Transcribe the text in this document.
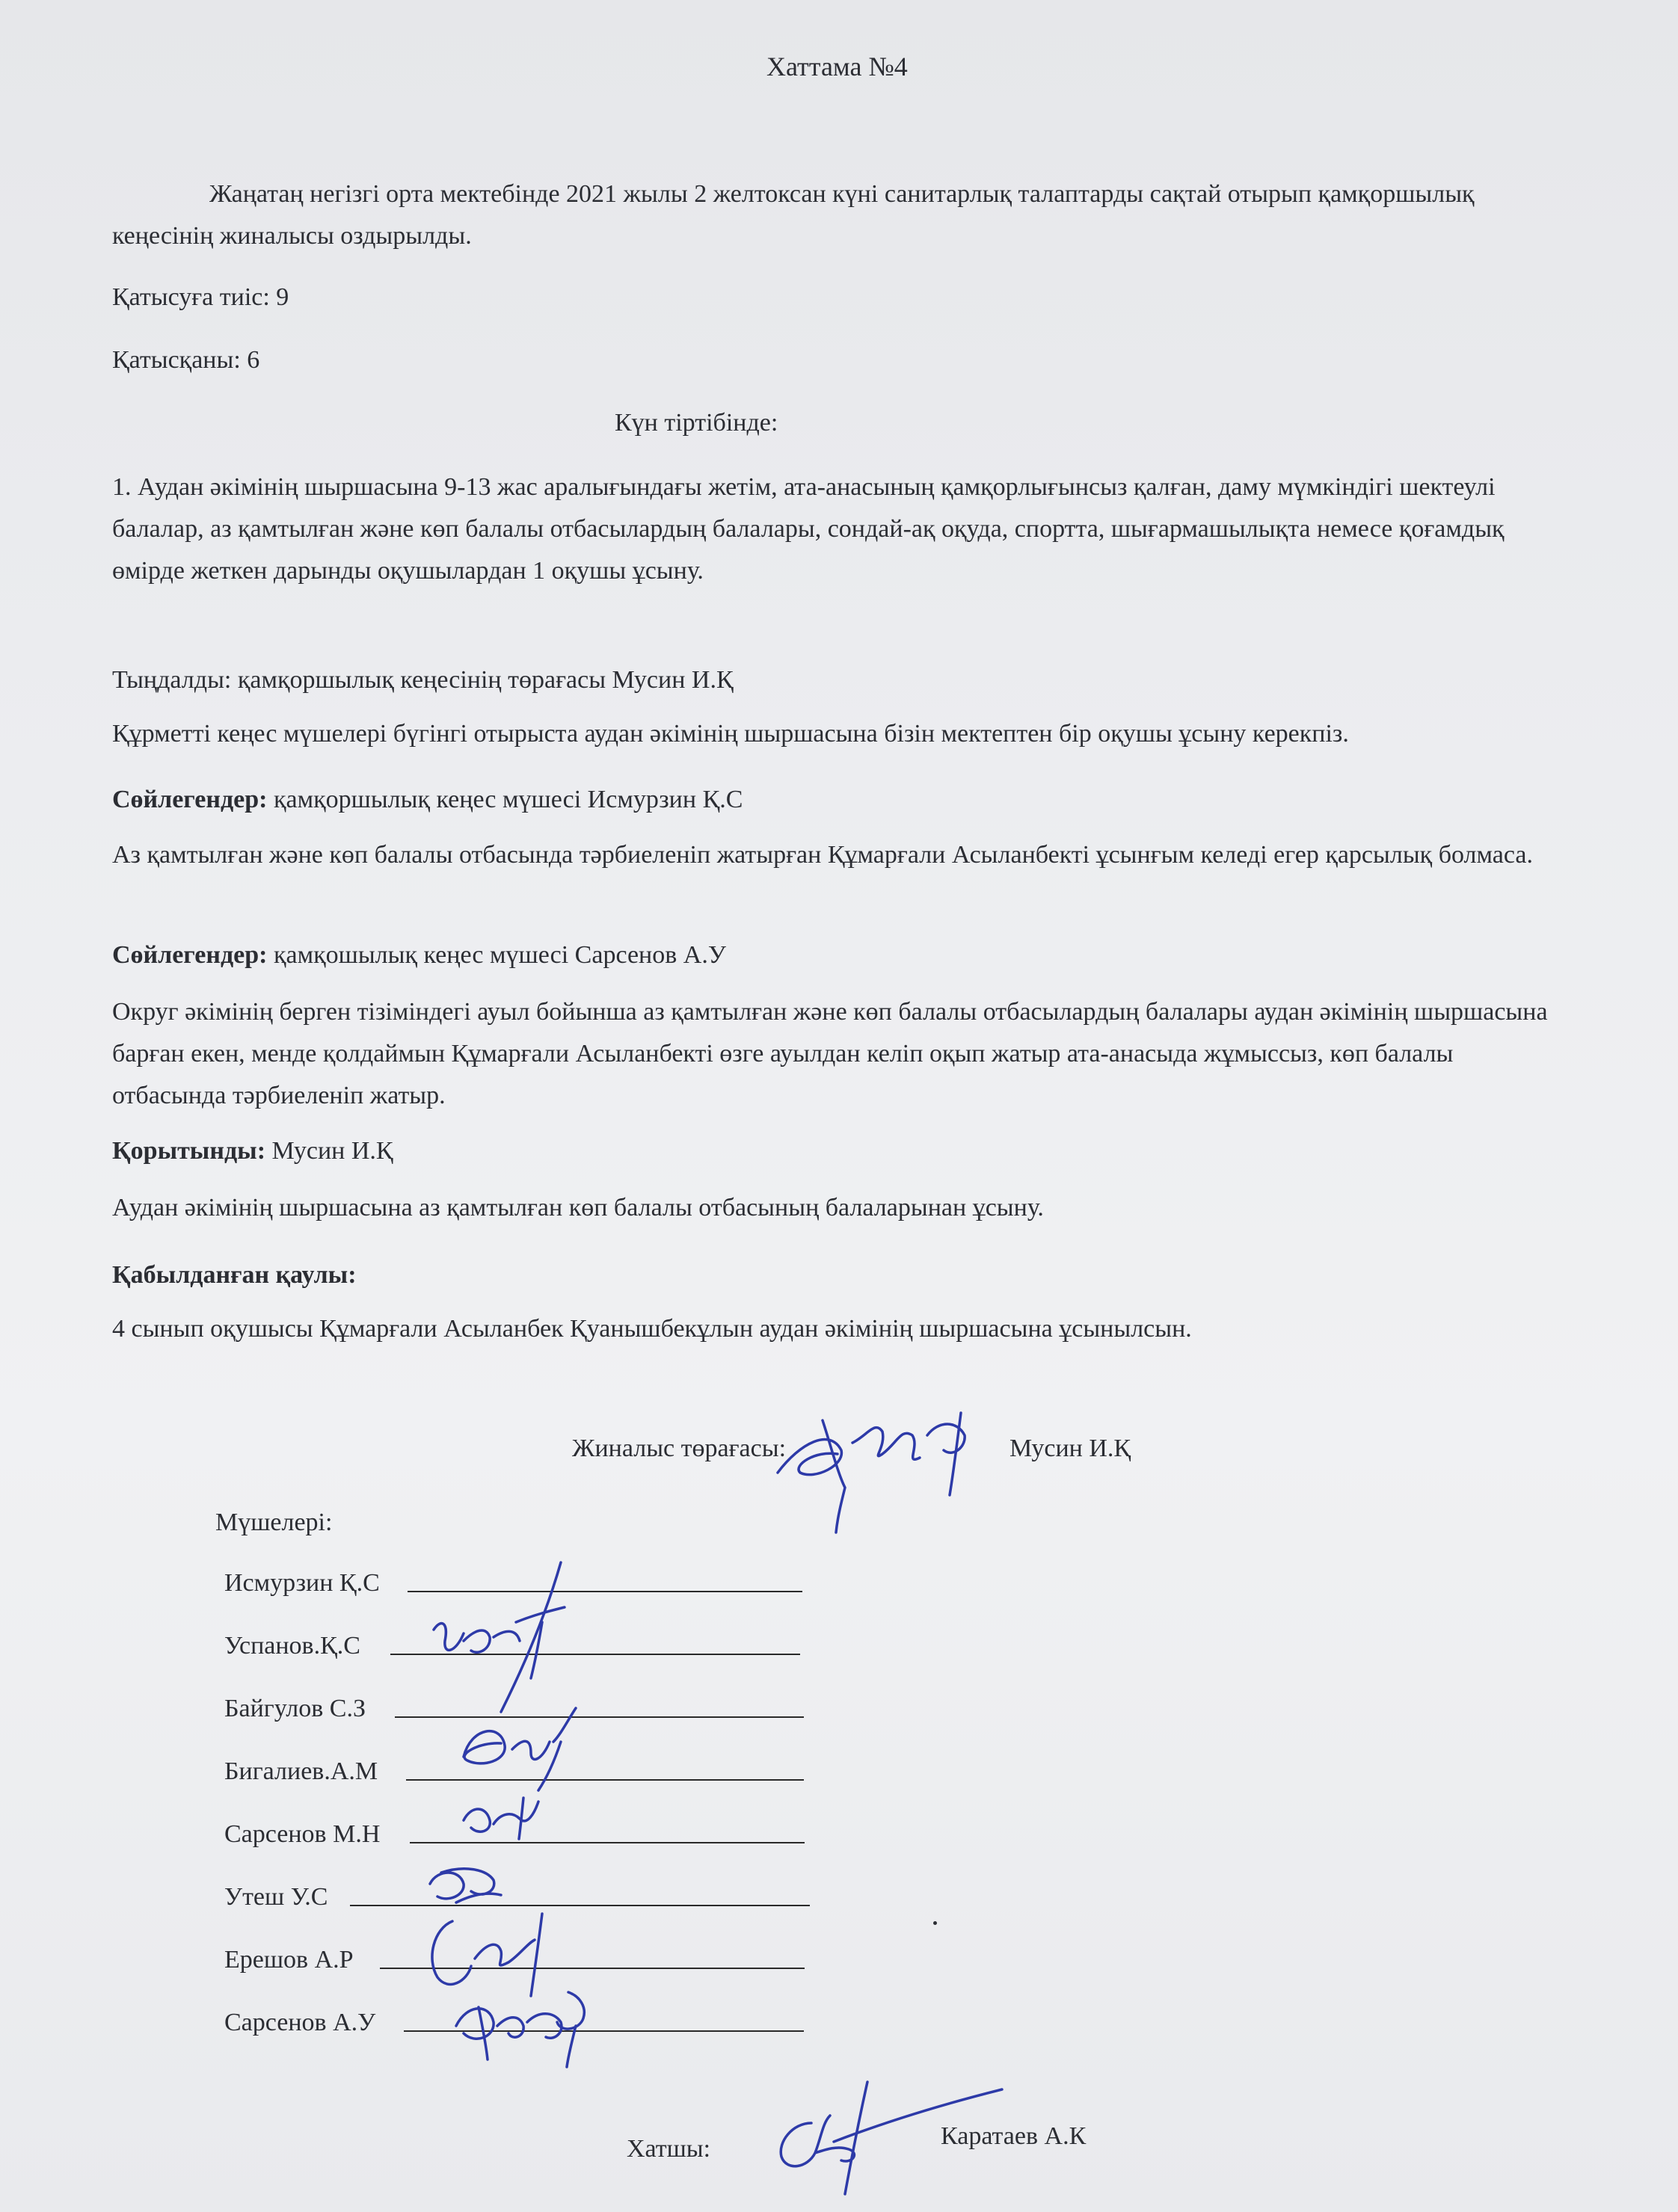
Хаттама №4
Жаңатаң негізгі орта мектебінде 2021 жылы 2 желтоксан күні санитарлық талаптарды сақтай отырып қамқоршылық кеңесінің жиналысы оздырылды.
Қатысуға тиіс: 9
Қатысқаны: 6
Күн тіртібінде:
1. Аудан әкімінің шыршасына 9-13 жас аралығындағы жетім, ата-анасының қамқорлығынсыз қалған, даму мүмкіндігі шектеулі балалар, аз қамтылған және көп балалы отбасылардың балалары, сондай-ақ оқуда, спортта, шығармашылықта немесе қоғамдық өмірде жеткен дарынды оқушылардан 1 оқушы ұсыну.
Тыңдалды: қамқоршылық кеңесінің төрағасы Мусин И.Қ
Құрметті кеңес мүшелері бүгінгі отырыста аудан әкімінің шыршасына бізін мектептен бір оқушы ұсыну керекпіз.
Сөйлегендер: қамқоршылық кеңес мүшесі Исмурзин Қ.С
Аз қамтылған және көп балалы отбасында тәрбиеленіп жатырған Құмарғали Асыланбекті ұсынғым келеді егер қарсылық болмаса.
Сөйлегендер: қамқошылық кеңес мүшесі Сарсенов А.У
Округ әкімінің берген тізіміндегі ауыл бойынша аз қамтылған және көп балалы отбасылардың балалары аудан әкімінің шыршасына барған екен, менде қолдаймын Құмарғали Асыланбекті өзге ауылдан келіп оқып жатыр ата-анасыда жұмыссыз, көп балалы отбасында тәрбиеленіп жатыр.
Қорытынды: Мусин И.Қ
Аудан әкімінің шыршасына аз қамтылған көп балалы отбасының балаларынан ұсыну.
Қабылданған қаулы:
4 сынып оқушысы Құмарғали Асыланбек Қуанышбекұлын аудан әкімінің шыршасына ұсынылсын.
Жиналыс төрағасы:	Мусин И.Қ
Мүшелері:
Исмурзин Қ.С
Успанов.Қ.С
Байгулов С.З
Бигалиев.А.М
Сарсенов М.Н
Утеш У.С
Ерешов А.Р
Сарсенов А.У
Хатшы:	Каратаев А.К
